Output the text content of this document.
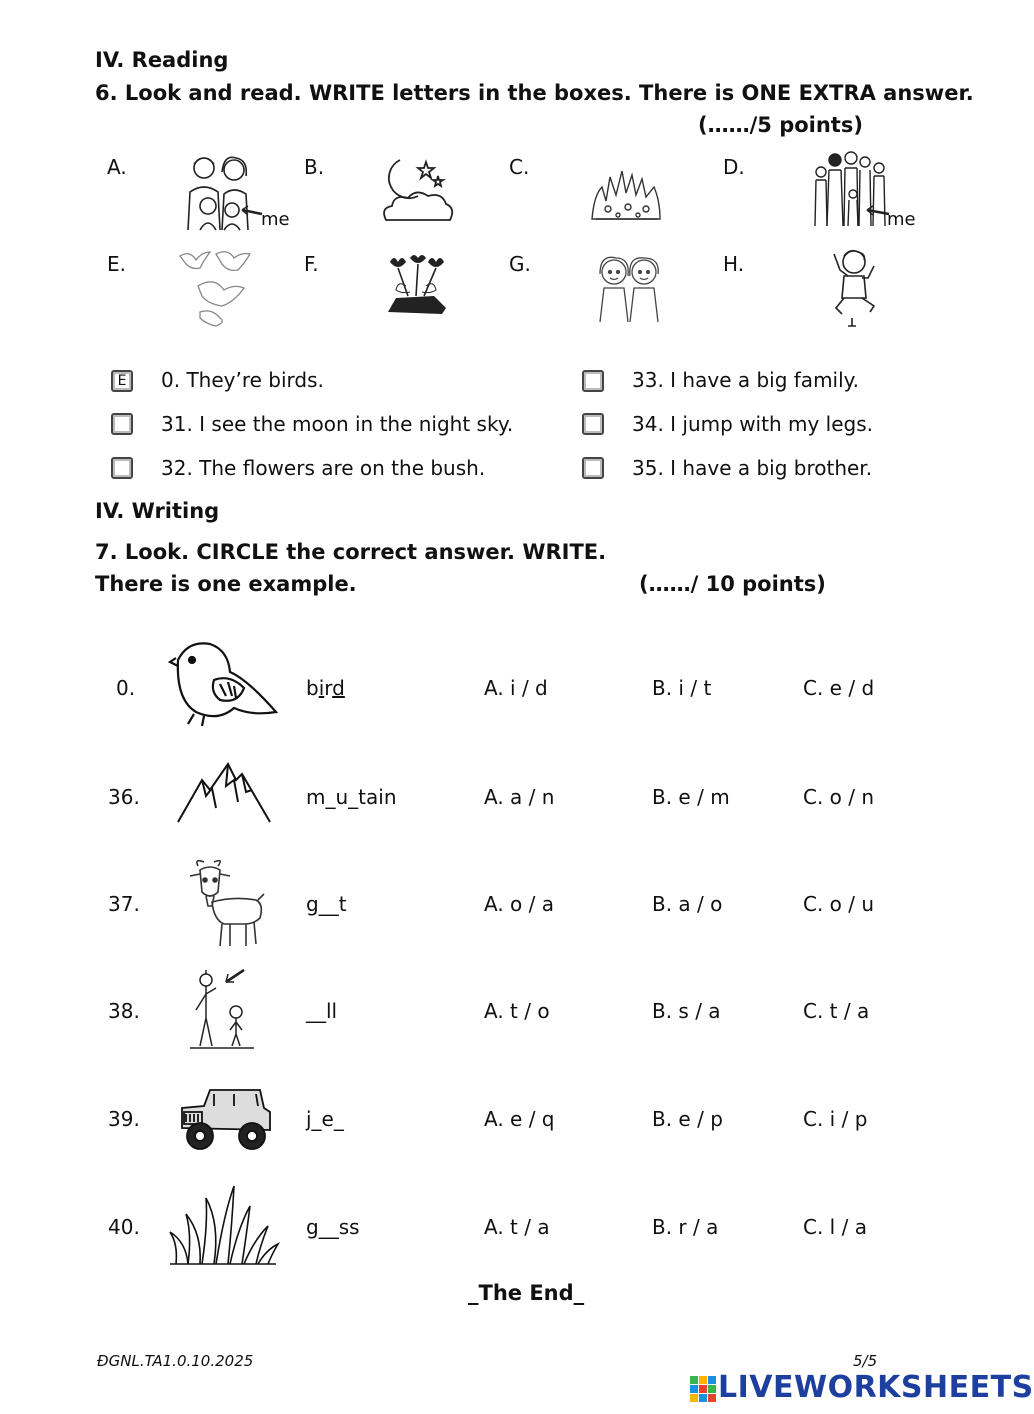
IV. Reading
6. Look and read. WRITE letters in the boxes. There is ONE EXTRA answer.
(……/5 points)
A.	B.	C.	D.
E.	F.	G.	H.
me	me
E	0. They’re birds.
31. I see the moon in the night sky.
32. The flowers are on the bush.
33. I have a big family.
34. I jump with my legs.
35. I have a big brother.
IV. Writing
7. Look. CIRCLE the correct answer. WRITE.
There is one example.	(……/ 10 points)
0.	bird	A. i / d	B. i / t	C. e / d
36.	m_u_tain	A. a / n	B. e / m	C. o / n
37.	g__t	A. o / a	B. a / o	C. o / u
38.	__ll	A. t / o	B. s / a	C. t / a
39.	j_e_	A. e / q	B. e / p	C. i / p
40.	g__ss	A. t / a	B. r / a	C. l / a
_The End_
ĐGNL.TA1.0.10.2025	5/5
LIVEWORKSHEETS
